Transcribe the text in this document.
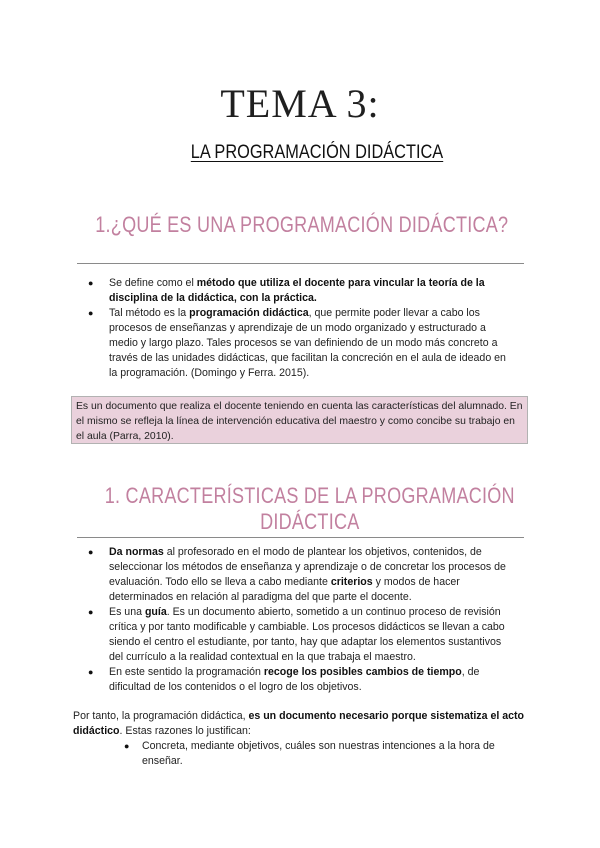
TEMA 3:
LA PROGRAMACIÓN DIDÁCTICA
1.¿QUÉ ES UNA PROGRAMACIÓN DIDÁCTICA?
● Se define como el método que utiliza el docente para vincular la teoría de la disciplina de la didáctica, con la práctica.
● Tal método es la programación didáctica, que permite poder llevar a cabo los procesos de enseñanzas y aprendizaje de un modo organizado y estructurado a medio y largo plazo. Tales procesos se van definiendo de un modo más concreto a través de las unidades didácticas, que facilitan la concreción en el aula de ideado en la programación. (Domingo y Ferra. 2015).
Es un documento que realiza el docente teniendo en cuenta las características del alumnado. En el mismo se refleja la línea de intervención educativa del maestro y como concibe su trabajo en el aula (Parra, 2010).
1. CARACTERÍSTICAS DE LA PROGRAMACIÓN DIDÁCTICA
● Da normas al profesorado en el modo de plantear los objetivos, contenidos, de seleccionar los métodos de enseñanza y aprendizaje o de concretar los procesos de evaluación. Todo ello se lleva a cabo mediante criterios y modos de hacer determinados en relación al paradigma del que parte el docente.
● Es una guía. Es un documento abierto, sometido a un continuo proceso de revisión crítica y por tanto modificable y cambiable. Los procesos didácticos se llevan a cabo siendo el centro el estudiante, por tanto, hay que adaptar los elementos sustantivos del currículo a la realidad contextual en la que trabaja el maestro.
● En este sentido la programación recoge los posibles cambios de tiempo, de dificultad de los contenidos o el logro de los objetivos.
Por tanto, la programación didáctica, es un documento necesario porque sistematiza el acto didáctico. Estas razones lo justifican:
● Concreta, mediante objetivos, cuáles son nuestras intenciones a la hora de enseñar.
